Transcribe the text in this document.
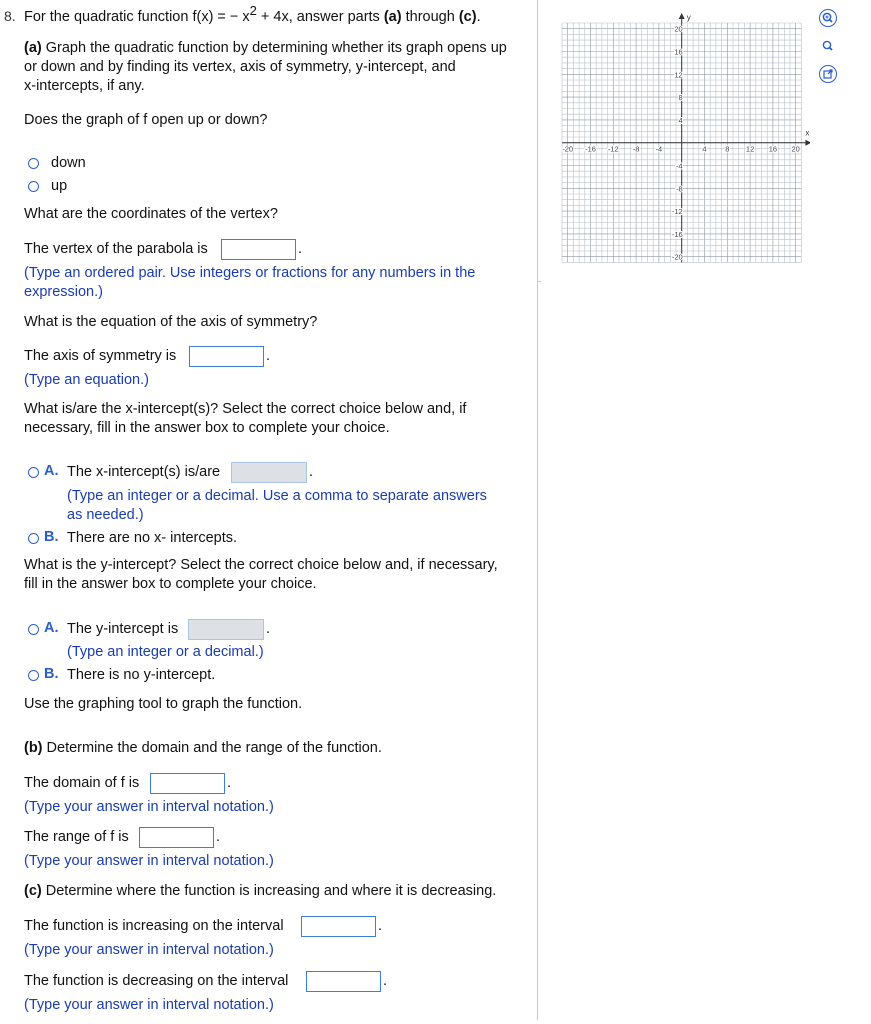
8. For the quadratic function f(x) = − $x^2 + 4x$, answer parts (a) through (c).
(a) Graph the quadratic function by determining whether its graph opens up
or down and by finding its vertex, axis of symmetry, y-intercept, and
x-intercepts, if any.
Does the graph of f open up or down?
down
up
What are the coordinates of the vertex?
The vertex of the parabola is	.
(Type an ordered pair. Use integers or fractions for any numbers in the
expression.)
What is the equation of the axis of symmetry?
The axis of symmetry is	.
(Type an equation.)
What is/are the x-intercept(s)? Select the correct choice below and, if
necessary, fill in the answer box to complete your choice.
A. The x-intercept(s) is/are	.
(Type an integer or a decimal. Use a comma to separate answers
as needed.)
B. There are no x- intercepts.
What is the y-intercept? Select the correct choice below and, if necessary,
fill in the answer box to complete your choice.
A. The y-intercept is	.
(Type an integer or a decimal.)
B. There is no y-intercept.
Use the graphing tool to graph the function.
(b) Determine the domain and the range of the function.
The domain of f is	.
(Type your answer in interval notation.)
The range of f is	.
(Type your answer in interval notation.)
(c) Determine where the function is increasing and where it is decreasing.
The function is increasing on the interval	.
(Type your answer in interval notation.)
The function is decreasing on the interval	.
(Type your answer in interval notation.)
y
x
-20 -16 -12 -8 -4	4 8 12 16 20
20
16
12
8
4
-4
-8
-12
-16
-20
